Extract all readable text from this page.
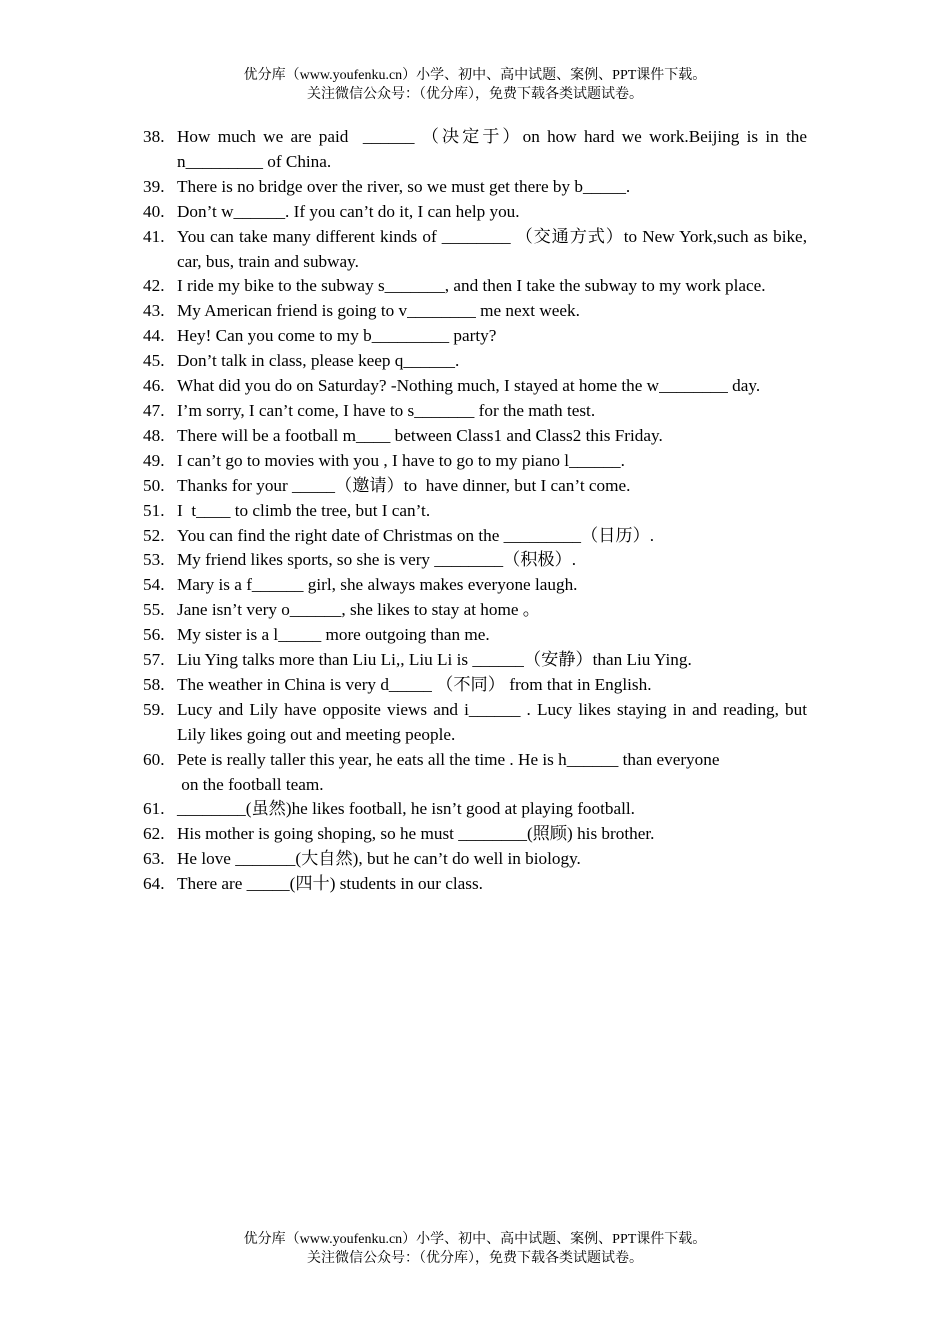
优分库（www.youfenku.cn）小学、初中、高中试题、案例、PPT课件下载。
关注微信公众号：（优分库），免费下载各类试题试卷。
38. How much we are paid  ______ （决定于）on how hard we work.Beijing is in the n_________ of China.
39. There is no bridge over the river, so we must get there by b_____.
40. Don’t w______. If you can’t do it, I can help you.
41. You can take many different kinds of ________ （交通方式）to New York,such as bike, car, bus, train and subway.
42. I ride my bike to the subway s_______, and then I take the subway to my work place.
43. My American friend is going to v________ me next week.
44. Hey! Can you come to my b_________ party?
45. Don’t talk in class, please keep q______.
46. What did you do on Saturday? -Nothing much, I stayed at home the w________ day.
47. I’m sorry, I can’t come, I have to s_______ for the math test.
48. There will be a football m____ between Class1 and Class2 this Friday.
49. I can’t go to movies with you , I have to go to my piano l______.
50. Thanks for your _____（邀请）to  have dinner, but I can’t come.
51. I  t____ to climb the tree, but I can’t.
52. You can find the right date of Christmas on the _________（日历）.
53. My friend likes sports, so she is very ________（积极）.
54. Mary is a f______ girl, she always makes everyone laugh.
55. Jane isn’t very o______, she likes to stay at home 。
56. My sister is a l_____ more outgoing than me.
57. Liu Ying talks more than Liu Li,, Liu Li is ______（安静）than Liu Ying.
58. The weather in China is very d_____ （不同） from that in English.
59. Lucy and Lily have opposite views and i______ . Lucy likes staying in and reading, but Lily likes going out and meeting people.
60. Pete is really taller this year, he eats all the time . He is h______ than everyone
on the football team.
61. ________(虽然)he likes football, he isn’t good at playing football.
62. His mother is going shoping, so he must ________(照顾) his brother.
63. He love _______(大自然), but he can’t do well in biology.
64. There are _____(四十) students in our class.
优分库（www.youfenku.cn）小学、初中、高中试题、案例、PPT课件下载。
关注微信公众号：（优分库），免费下载各类试题试卷。
